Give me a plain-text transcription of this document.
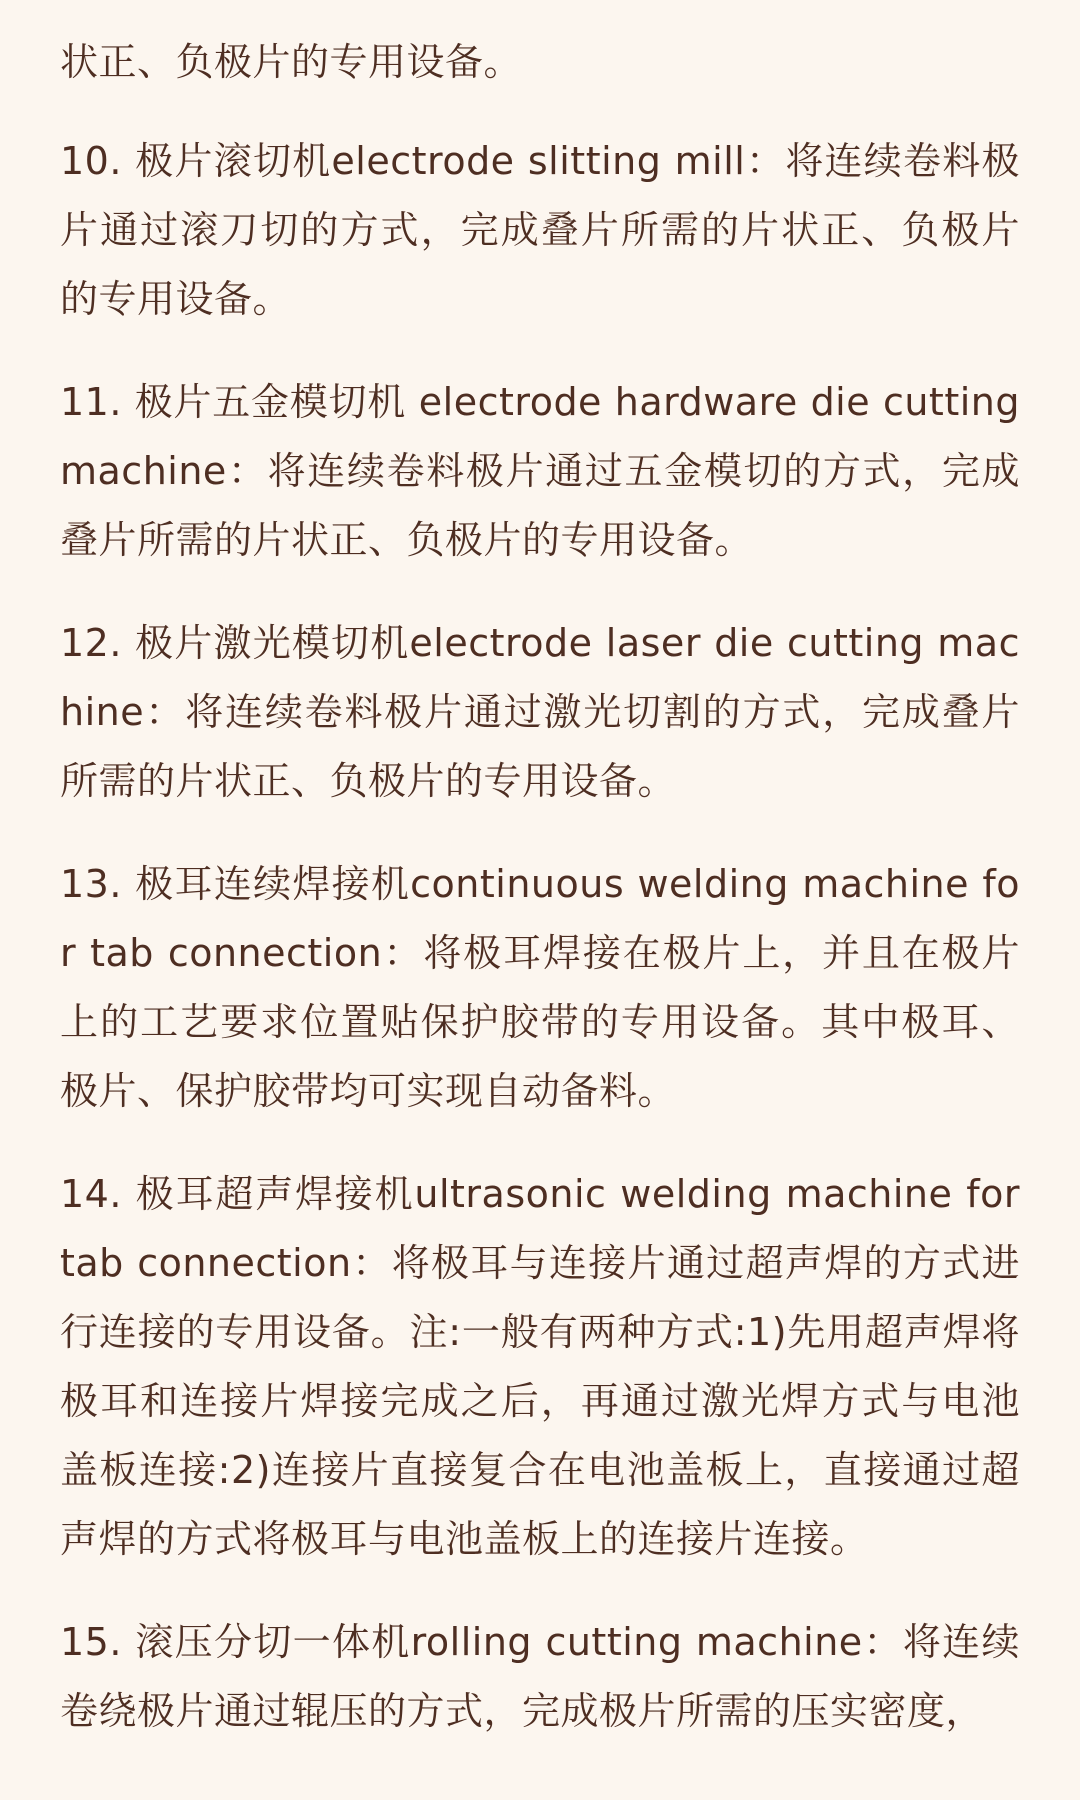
状正、负极片的专用设备。

10. 极片滚切机electrode slitting mill：将连续卷料极片通过滚刀切的方式，完成叠片所需的片状正、负极片的专用设备。

11. 极片五金模切机 electrode hardware die cutting machine：将连续卷料极片通过五金模切的方式，完成叠片所需的片状正、负极片的专用设备。

12. 极片激光模切机electrode laser die cutting machine：将连续卷料极片通过激光切割的方式，完成叠片所需的片状正、负极片的专用设备。

13. 极耳连续焊接机continuous welding machine for tab connection：将极耳焊接在极片上，并且在极片上的工艺要求位置贴保护胶带的专用设备。其中极耳、极片、保护胶带均可实现自动备料。

14. 极耳超声焊接机ultrasonic welding machine for tab connection：将极耳与连接片通过超声焊的方式进行连接的专用设备。注:一般有两种方式:1)先用超声焊将极耳和连接片焊接完成之后，再通过激光焊方式与电池盖板连接:2)连接片直接复合在电池盖板上，直接通过超声焊的方式将极耳与电池盖板上的连接片连接。

15. 滚压分切一体机rolling cutting machine：将连续卷绕极片通过辊压的方式，完成极片所需的压实密度，
